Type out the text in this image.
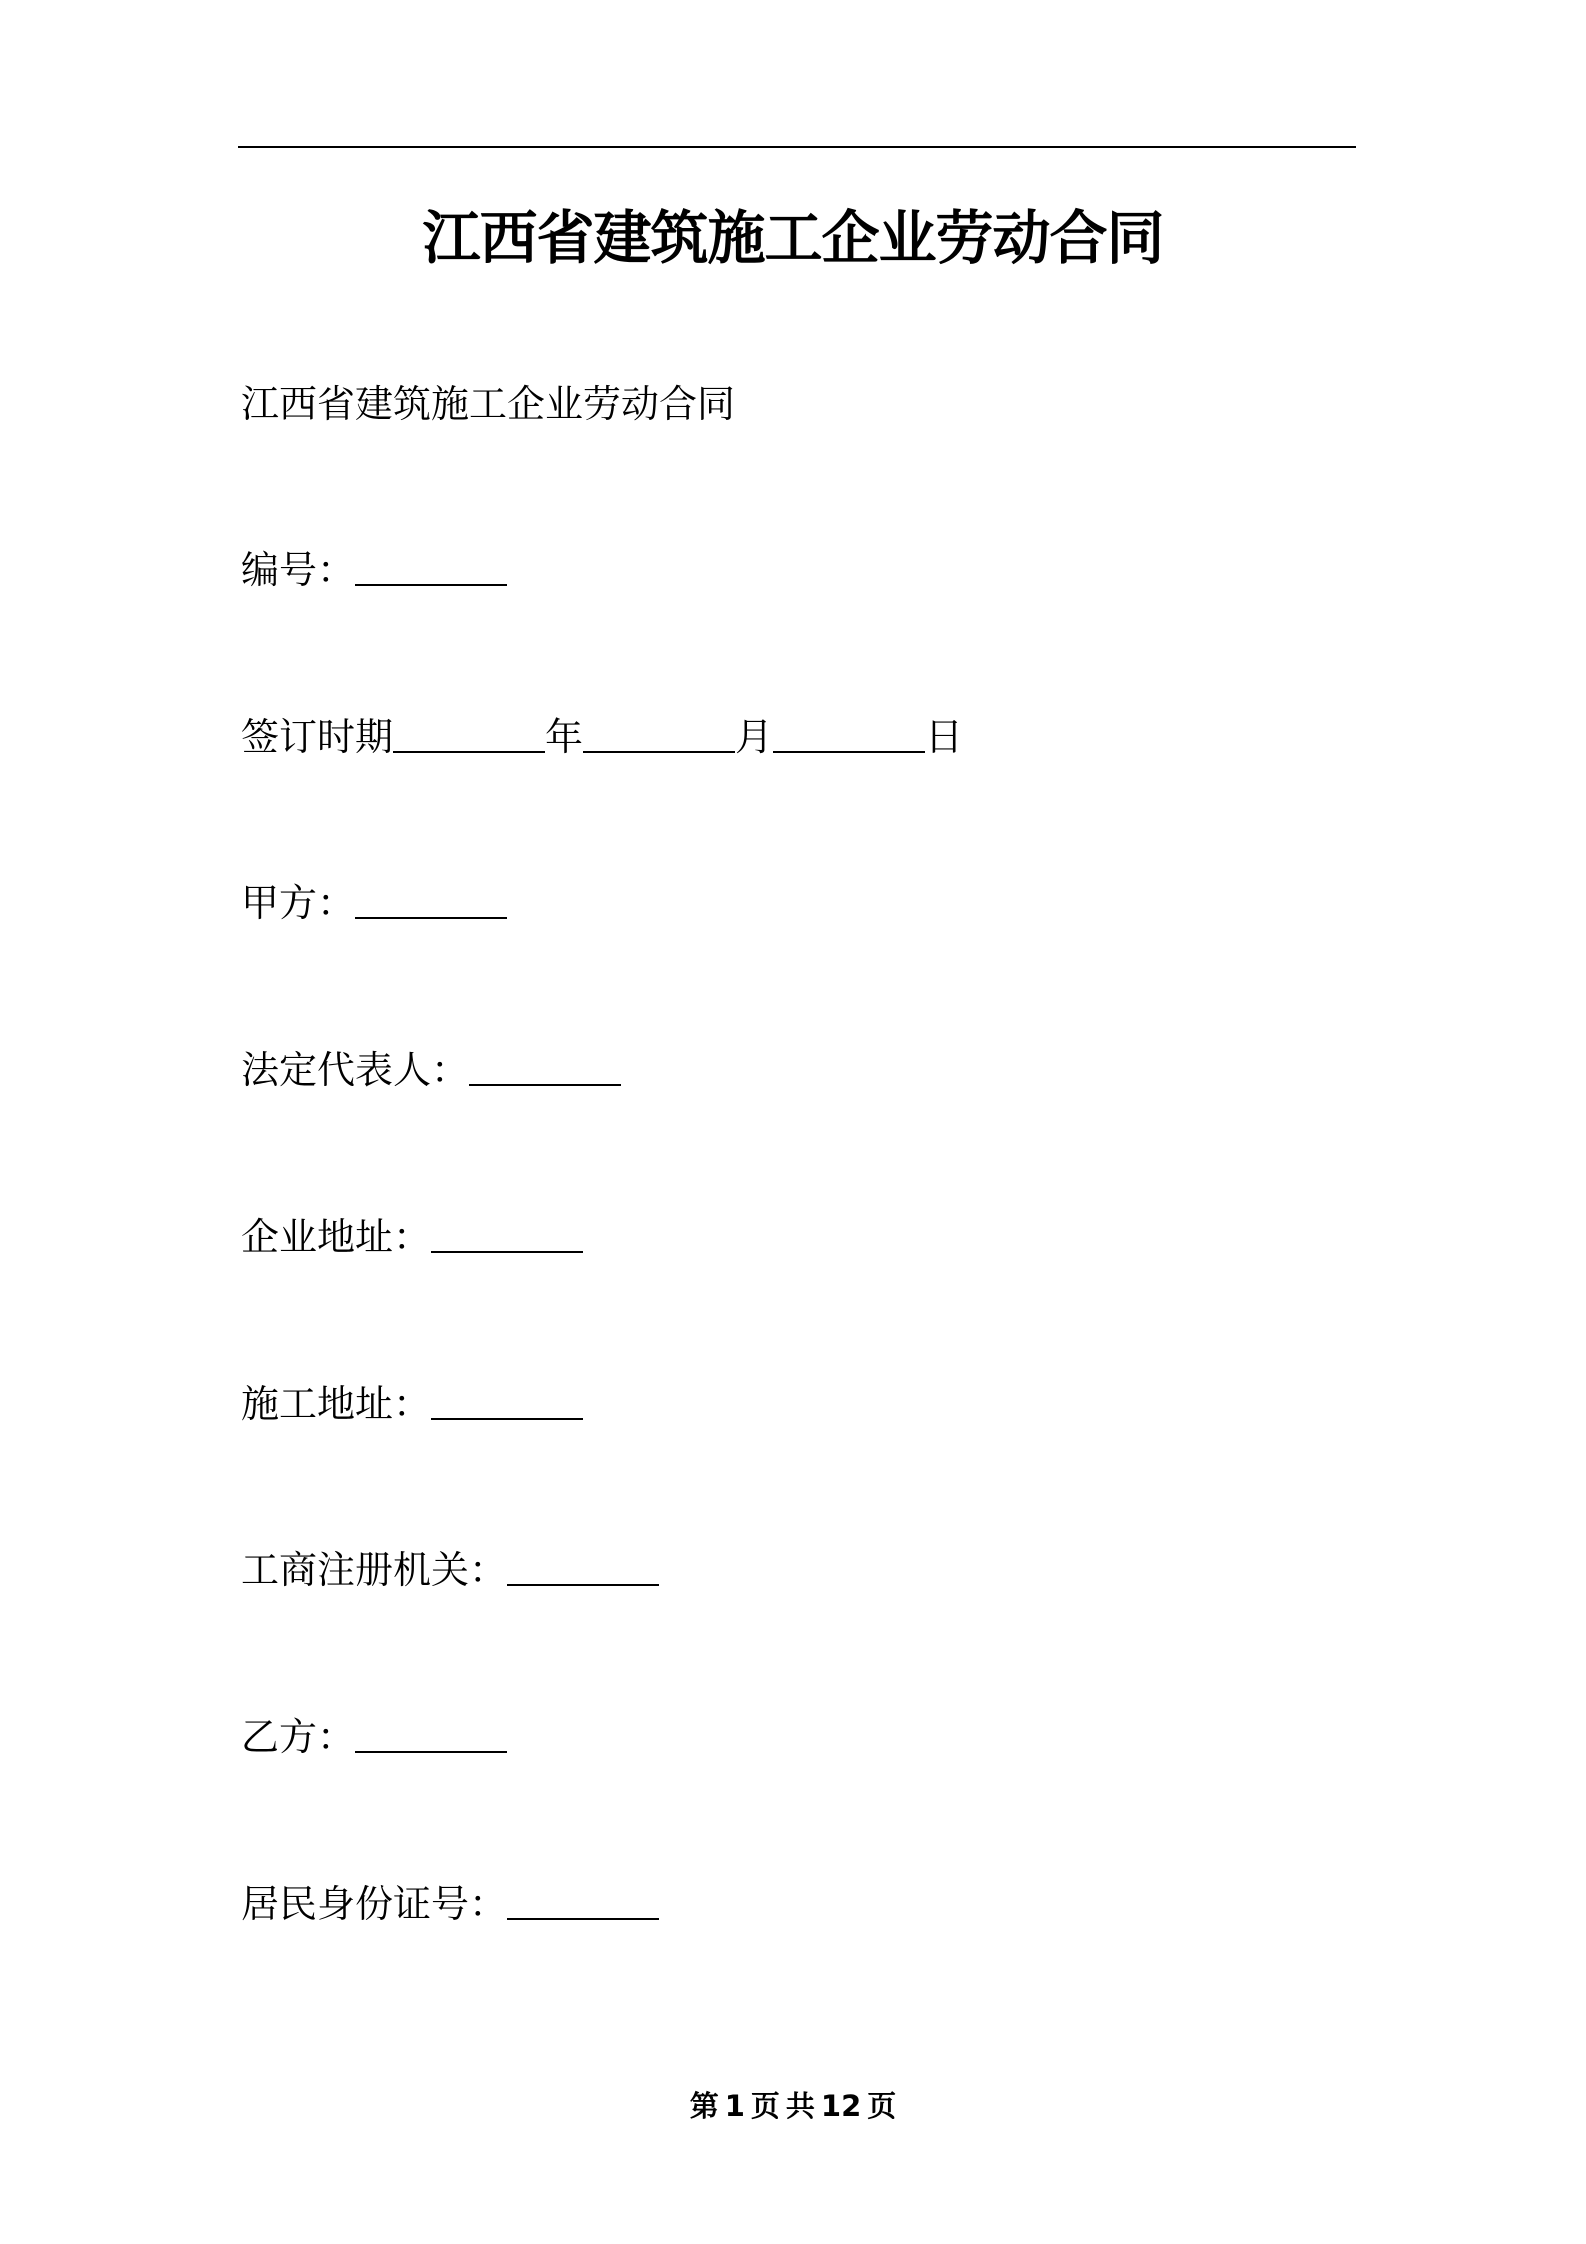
江西省建筑施工企业劳动合同
江西省建筑施工企业劳动合同
编号：
签订时期	年	月	日
甲方：
法定代表人：
企业地址：
施工地址：
工商注册机关：
乙方：
居民身份证号：
第 1 页 共 12 页
